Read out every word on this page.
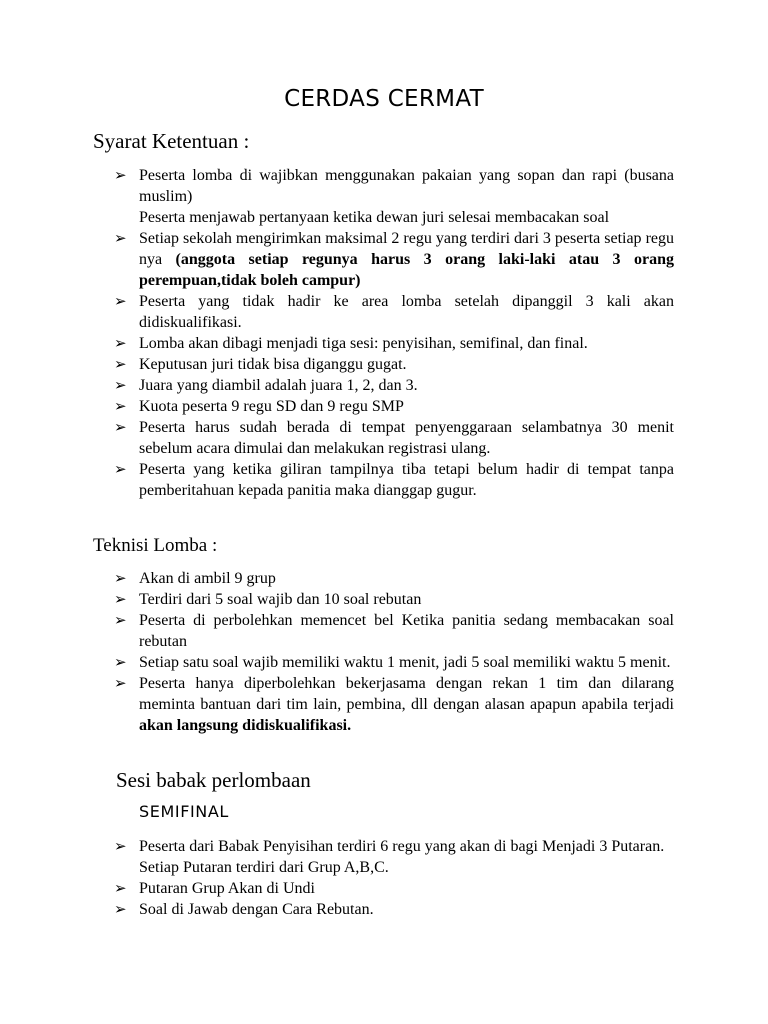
CERDAS CERMAT
Syarat Ketentuan :
➢ Peserta lomba di wajibkan menggunakan pakaian yang sopan dan rapi (busana muslim)
Peserta menjawab pertanyaan ketika dewan juri selesai membacakan soal
➢ Setiap sekolah mengirimkan maksimal 2 regu yang terdiri dari 3 peserta setiap regu nya (anggota setiap regunya harus 3 orang laki-laki atau 3 orang perempuan,tidak boleh campur)
➢ Peserta yang tidak hadir ke area lomba setelah dipanggil 3 kali akan didiskualifikasi.
➢ Lomba akan dibagi menjadi tiga sesi: penyisihan, semifinal, dan final.
➢ Keputusan juri tidak bisa diganggu gugat.
➢ Juara yang diambil adalah juara 1, 2, dan 3.
➢ Kuota peserta 9 regu SD dan 9 regu SMP
➢ Peserta harus sudah berada di tempat penyenggaraan selambatnya 30 menit sebelum acara dimulai dan melakukan registrasi ulang.
➢ Peserta yang ketika giliran tampilnya tiba tetapi belum hadir di tempat tanpa pemberitahuan kepada panitia maka dianggap gugur.
Teknisi Lomba :
➢ Akan di ambil 9 grup
➢ Terdiri dari 5 soal wajib dan 10 soal rebutan
➢ Peserta di perbolehkan memencet bel Ketika panitia sedang membacakan soal rebutan
➢ Setiap satu soal wajib memiliki waktu 1 menit, jadi 5 soal memiliki waktu 5 menit.
➢ Peserta hanya diperbolehkan bekerjasama dengan rekan 1 tim dan dilarang meminta bantuan dari tim lain, pembina, dll dengan alasan apapun apabila terjadi akan langsung didiskualifikasi.
Sesi babak perlombaan
SEMIFINAL
➢ Peserta dari Babak Penyisihan terdiri 6 regu yang akan di bagi Menjadi 3 Putaran. Setiap Putaran terdiri dari Grup A,B,C.
➢ Putaran Grup Akan di Undi
➢ Soal di Jawab dengan Cara Rebutan.
